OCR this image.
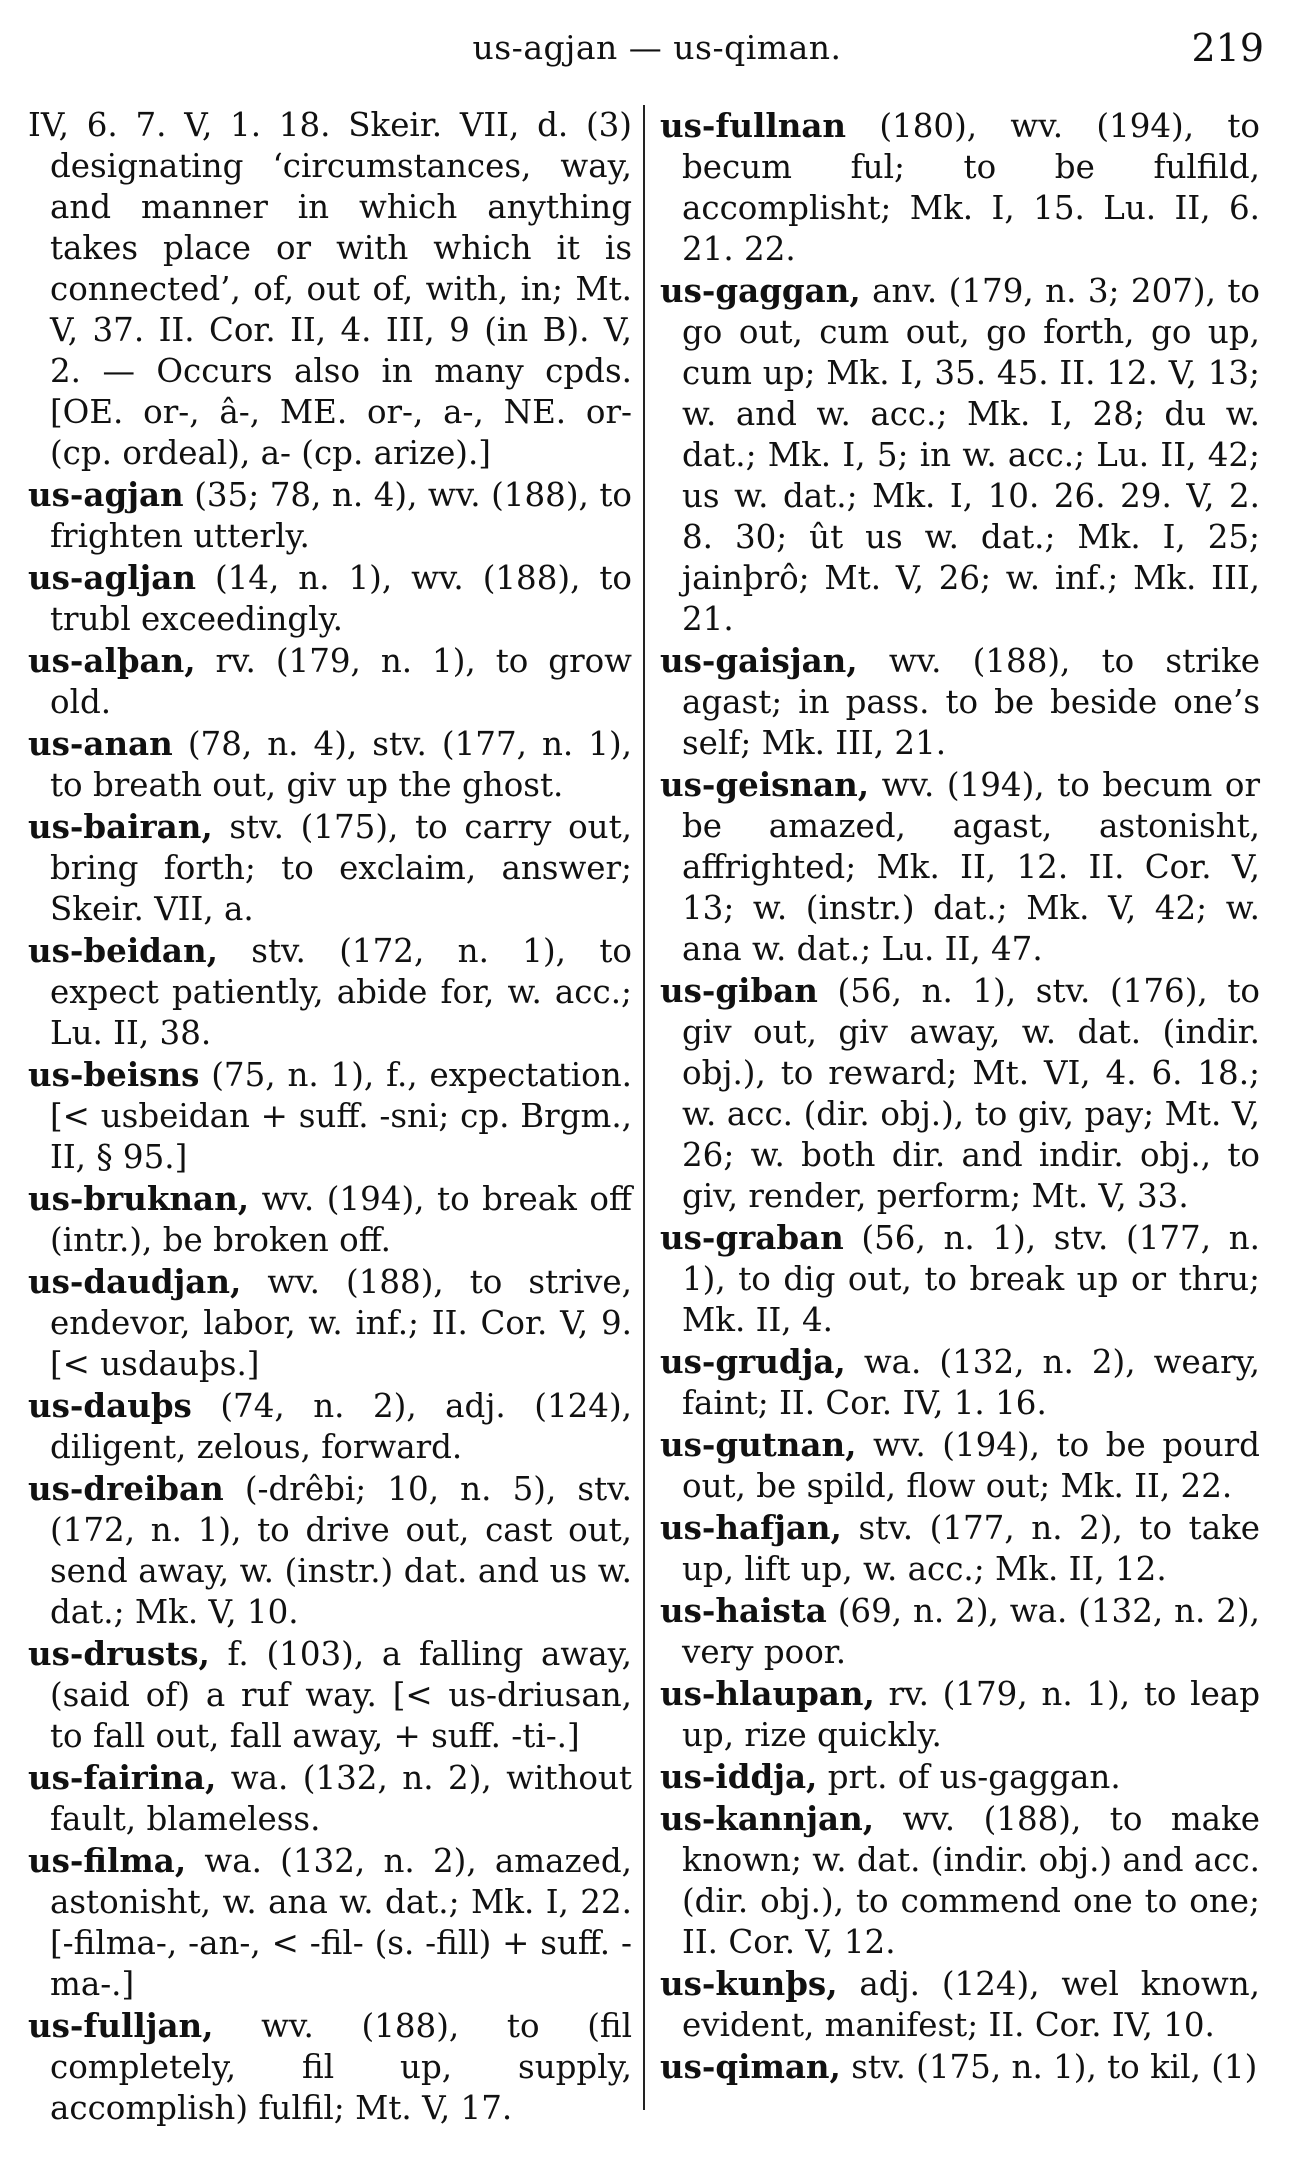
us-agjan — us-qiman.	219

IV, 6. 7. V, 1. 18. Skeir. VII, d. (3) designating ‘circumstances, way, and manner in which anything takes place or with which it is connected’, of, out of, with, in; Mt. V, 37. II. Cor. II, 4. III, 9 (in B). V, 2. — Occurs also in many cpds. [OE. or-, â-, ME. or-, a-, NE. or- (cp. ordeal), a- (cp. arize).]

us-agjan (35; 78, n. 4), wv. (188), to frighten utterly.

us-agljan (14, n. 1), wv. (188), to trubl exceedingly.

us-alþan, rv. (179, n. 1), to grow old.

us-anan (78, n. 4), stv. (177, n. 1), to breath out, giv up the ghost.

us-bairan, stv. (175), to carry out, bring forth; to exclaim, answer; Skeir. VII, a.

us-beidan, stv. (172, n. 1), to expect patiently, abide for, w. acc.; Lu. II, 38.

us-beisns (75, n. 1), f., expectation. [< usbeidan + suff. -sni; cp. Brgm., II, § 95.]

us-bruknan, wv. (194), to break off (intr.), be broken off.

us-daudjan, wv. (188), to strive, endevor, labor, w. inf.; II. Cor. V, 9. [< usdauþs.]

us-dauþs (74, n. 2), adj. (124), diligent, zelous, forward.

us-dreiban (-drêbi; 10, n. 5), stv. (172, n. 1), to drive out, cast out, send away, w. (instr.) dat. and us w. dat.; Mk. V, 10.

us-drusts, f. (103), a falling away, (said of) a ruf way. [< us-driusan, to fall out, fall away, + suff. -ti-.]

us-fairina, wa. (132, n. 2), without fault, blameless.

us-filma, wa. (132, n. 2), amazed, astonisht, w. ana w. dat.; Mk. I, 22. [-filma-, -an-, < -fil- (s. -fill) + suff. -ma-.]

us-fulljan, wv. (188), to (fil completely, fil up, supply, accomplish) fulfil; Mt. V, 17.

us-fullnan (180), wv. (194), to becum ful; to be fulfild, accomplisht; Mk. I, 15. Lu. II, 6. 21. 22.

us-gaggan, anv. (179, n. 3; 207), to go out, cum out, go forth, go up, cum up; Mk. I, 35. 45. II. 12. V, 13; w. and w. acc.; Mk. I, 28; du w. dat.; Mk. I, 5; in w. acc.; Lu. II, 42; us w. dat.; Mk. I, 10. 26. 29. V, 2. 8. 30; ût us w. dat.; Mk. I, 25; jainþrô; Mt. V, 26; w. inf.; Mk. III, 21.

us-gaisjan, wv. (188), to strike agast; in pass. to be beside one’s self; Mk. III, 21.

us-geisnan, wv. (194), to becum or be amazed, agast, astonisht, affrighted; Mk. II, 12. II. Cor. V, 13; w. (instr.) dat.; Mk. V, 42; w. ana w. dat.; Lu. II, 47.

us-giban (56, n. 1), stv. (176), to giv out, giv away, w. dat. (indir. obj.), to reward; Mt. VI, 4. 6. 18.; w. acc. (dir. obj.), to giv, pay; Mt. V, 26; w. both dir. and indir. obj., to giv, render, perform; Mt. V, 33.

us-graban (56, n. 1), stv. (177, n. 1), to dig out, to break up or thru; Mk. II, 4.

us-grudja, wa. (132, n. 2), weary, faint; II. Cor. IV, 1. 16.

us-gutnan, wv. (194), to be pourd out, be spild, flow out; Mk. II, 22.

us-hafjan, stv. (177, n. 2), to take up, lift up, w. acc.; Mk. II, 12.

us-haista (69, n. 2), wa. (132, n. 2), very poor.

us-hlaupan, rv. (179, n. 1), to leap up, rize quickly.

us-iddja, prt. of us-gaggan.

us-kannjan, wv. (188), to make known; w. dat. (indir. obj.) and acc. (dir. obj.), to commend one to one; II. Cor. V, 12.

us-kunþs, adj. (124), wel known, evident, manifest; II. Cor. IV, 10.

us-qiman, stv. (175, n. 1), to kil, (1)
